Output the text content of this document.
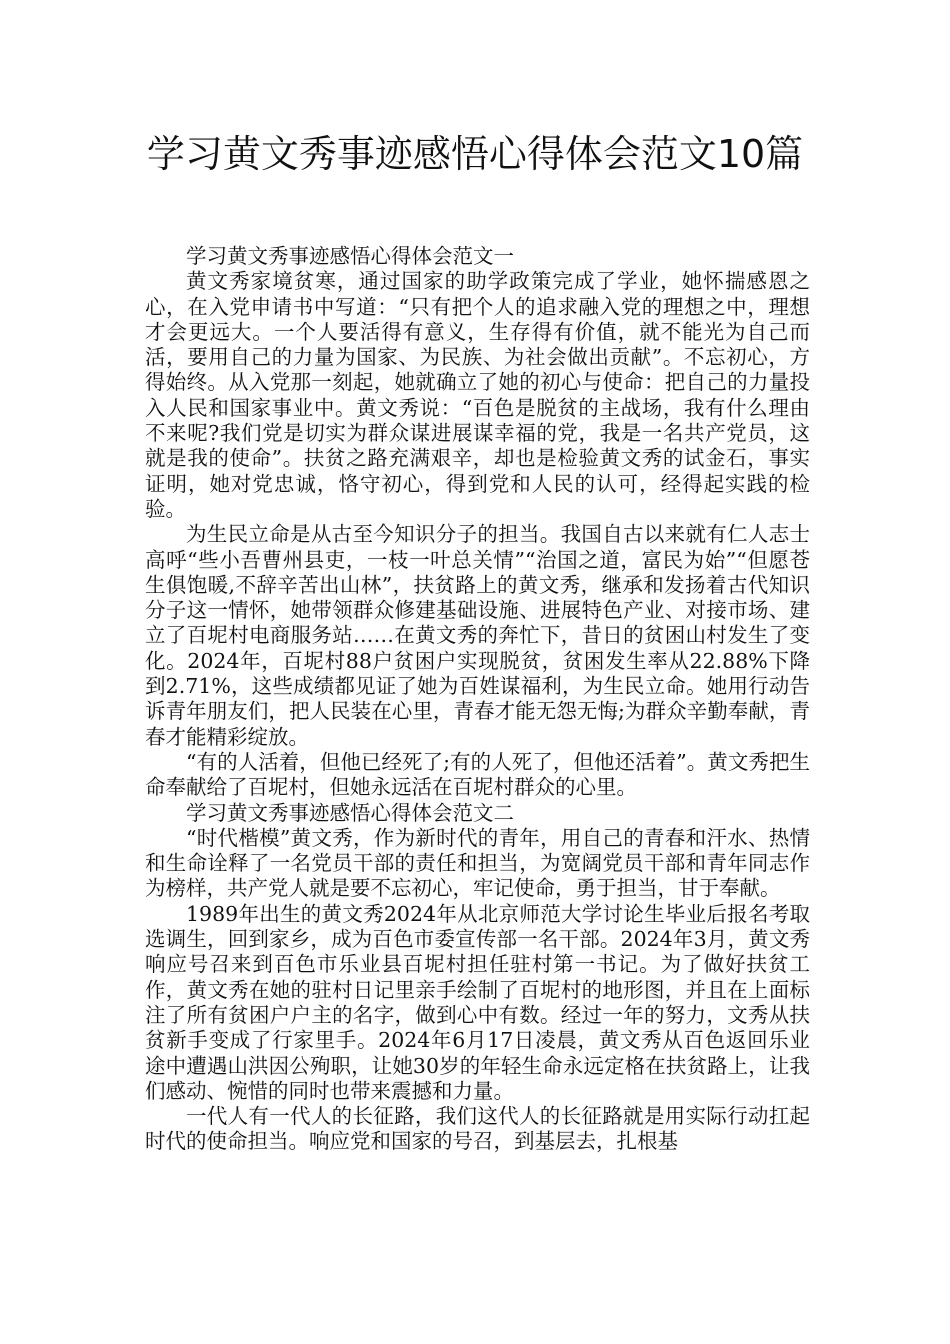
学习黄文秀事迹感悟心得体会范文10篇

学习黄文秀事迹感悟心得体会范文一

黄文秀家境贫寒，通过国家的助学政策完成了学业，她怀揣感恩之心，在入党申请书中写道：“只有把个人的追求融入党的理想之中，理想才会更远大。一个人要活得有意义，生存得有价值，就不能光为自己而活，要用自己的力量为国家、为民族、为社会做出贡献”。不忘初心，方得始终。从入党那一刻起，她就确立了她的初心与使命：把自己的力量投入人民和国家事业中。黄文秀说：“百色是脱贫的主战场，我有什么理由不来呢?我们党是切实为群众谋进展谋幸福的党，我是一名共产党员，这就是我的使命”。扶贫之路充满艰辛，却也是检验黄文秀的试金石，事实证明，她对党忠诚，恪守初心，得到党和人民的认可，经得起实践的检验。

为生民立命是从古至今知识分子的担当。我国自古以来就有仁人志士高呼“些小吾曹州县吏，一枝一叶总关情”“治国之道，富民为始”“但愿苍生俱饱暖,不辞辛苦出山林”，扶贫路上的黄文秀，继承和发扬着古代知识分子这一情怀，她带领群众修建基础设施、进展特色产业、对接市场、建立了百坭村电商服务站……在黄文秀的奔忙下，昔日的贫困山村发生了变化。2024年，百坭村88户贫困户实现脱贫，贫困发生率从22.88%下降到2.71%，这些成绩都见证了她为百姓谋福利，为生民立命。她用行动告诉青年朋友们，把人民装在心里，青春才能无怨无悔;为群众辛勤奉献，青春才能精彩绽放。

“有的人活着，但他已经死了;有的人死了，但他还活着”。黄文秀把生命奉献给了百坭村，但她永远活在百坭村群众的心里。

学习黄文秀事迹感悟心得体会范文二

“时代楷模”黄文秀，作为新时代的青年，用自己的青春和汗水、热情和生命诠释了一名党员干部的责任和担当，为宽阔党员干部和青年同志作为榜样，共产党人就是要不忘初心，牢记使命，勇于担当，甘于奉献。

1989年出生的黄文秀2024年从北京师范大学讨论生毕业后报名考取选调生，回到家乡，成为百色市委宣传部一名干部。2024年3月，黄文秀响应号召来到百色市乐业县百坭村担任驻村第一书记。为了做好扶贫工作，黄文秀在她的驻村日记里亲手绘制了百坭村的地形图，并且在上面标注了所有贫困户户主的名字，做到心中有数。经过一年的努力，文秀从扶贫新手变成了行家里手。2024年6月17日凌晨，黄文秀从百色返回乐业途中遭遇山洪因公殉职，让她30岁的年轻生命永远定格在扶贫路上，让我们感动、惋惜的同时也带来震撼和力量。

一代人有一代人的长征路，我们这代人的长征路就是用实际行动扛起时代的使命担当。响应党和国家的号召，到基层去，扎根基
